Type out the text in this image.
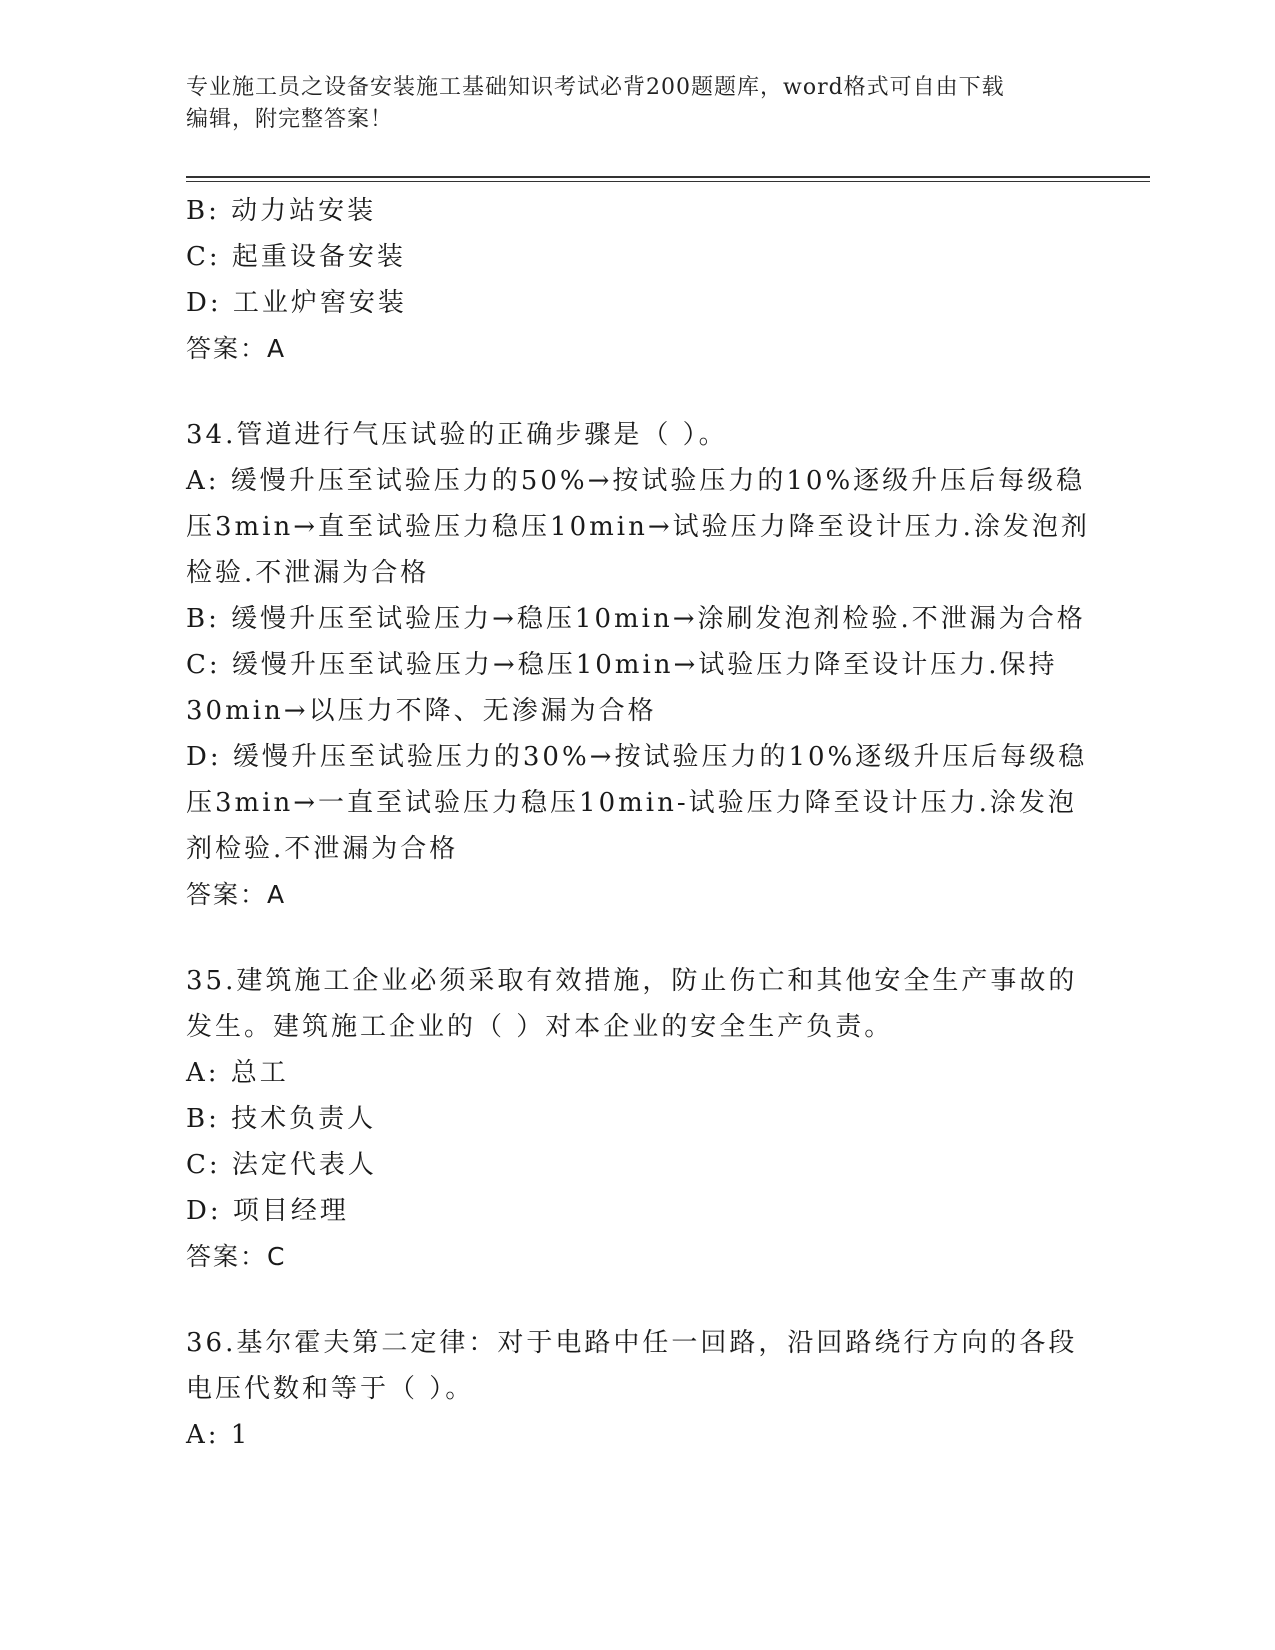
专业施工员之设备安装施工基础知识考试必背200题题库，word格式可自由下载
编辑，附完整答案！
B: 动力站安装
C: 起重设备安装
D: 工业炉窖安装
答案：A
34.管道进行气压试验的正确步骤是（ ）。
A: 缓慢升压至试验压力的50%→按试验压力的10%逐级升压后每级稳
压3min→直至试验压力稳压10min→试验压力降至设计压力.涂发泡剂
检验.不泄漏为合格
B: 缓慢升压至试验压力→稳压10min→涂刷发泡剂检验.不泄漏为合格
C: 缓慢升压至试验压力→稳压10min→试验压力降至设计压力.保持
30min→以压力不降、无渗漏为合格
D: 缓慢升压至试验压力的30%→按试验压力的10%逐级升压后每级稳
压3min→一直至试验压力稳压10min-试验压力降至设计压力.涂发泡
剂检验.不泄漏为合格
答案：A
35.建筑施工企业必须采取有效措施，防止伤亡和其他安全生产事故的
发生。建筑施工企业的（ ）对本企业的安全生产负责。
A: 总工
B: 技术负责人
C: 法定代表人
D: 项目经理
答案：C
36.基尔霍夫第二定律：对于电路中任一回路，沿回路绕行方向的各段
电压代数和等于（ ）。
A: 1
